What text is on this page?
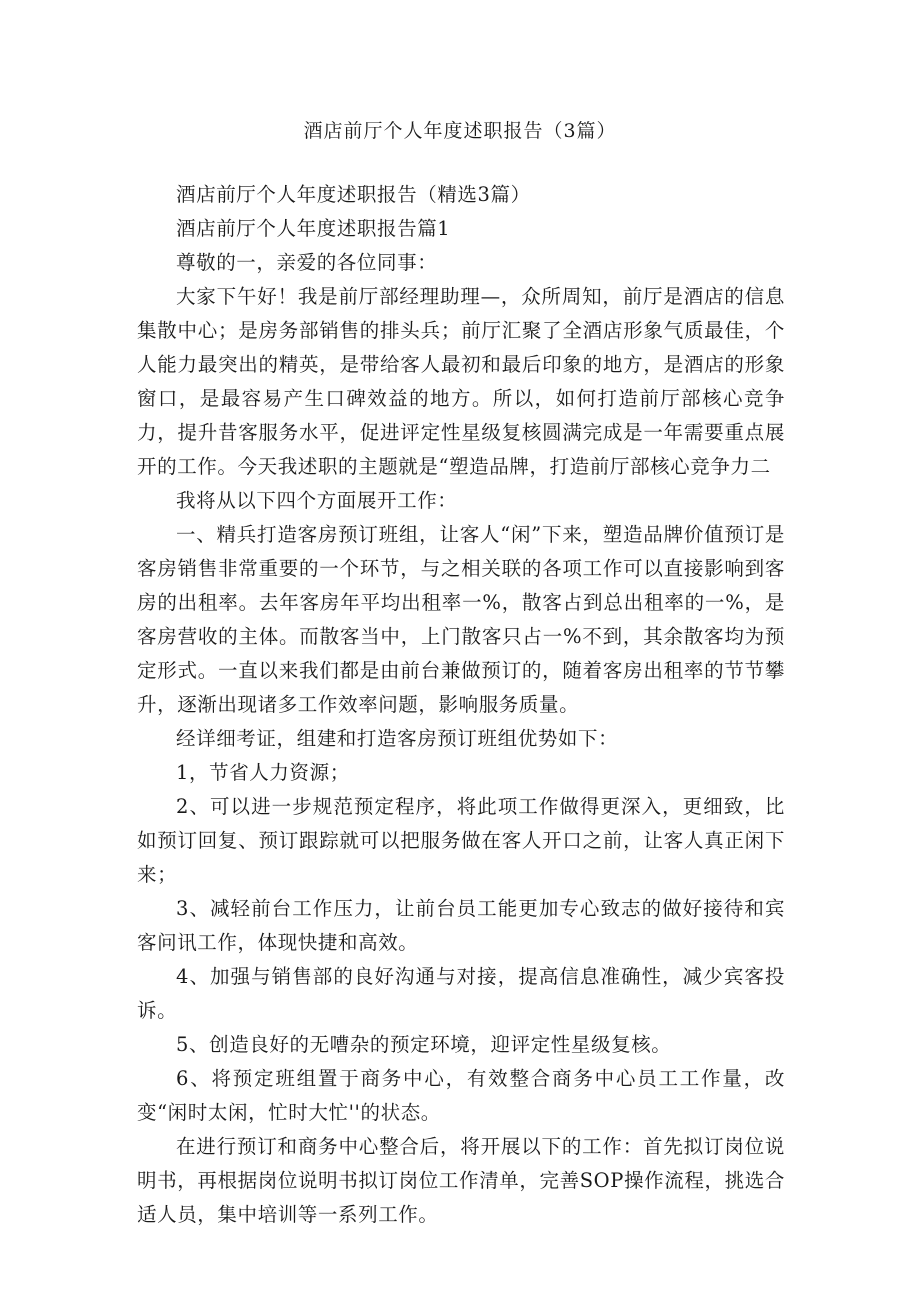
酒店前厅个人年度述职报告（3篇）

酒店前厅个人年度述职报告（精选3篇）

酒店前厅个人年度述职报告篇1

尊敬的一，亲爱的各位同事：

大家下午好！我是前厅部经理助理—，众所周知，前厅是酒店的信息集散中心；是房务部销售的排头兵；前厅汇聚了全酒店形象气质最佳，个人能力最突出的精英，是带给客人最初和最后印象的地方，是酒店的形象窗口，是最容易产生口碑效益的地方。所以，如何打造前厅部核心竞争力，提升昔客服务水平，促进评定性星级复核圆满完成是一年需要重点展开的工作。今天我述职的主题就是“塑造品牌，打造前厅部核心竞争力二

我将从以下四个方面展开工作：

一、精兵打造客房预订班组，让客人“闲”下来，塑造品牌价值预订是客房销售非常重要的一个环节，与之相关联的各项工作可以直接影响到客房的出租率。去年客房年平均出租率一%，散客占到总出租率的一%，是客房营收的主体。而散客当中，上门散客只占一%不到，其余散客均为预定形式。一直以来我们都是由前台兼做预订的，随着客房出租率的节节攀升，逐渐出现诸多工作效率问题，影响服务质量。

经详细考证，组建和打造客房预订班组优势如下：

1，节省人力资源；

2、可以进一步规范预定程序，将此项工作做得更深入，更细致，比如预订回复、预订跟踪就可以把服务做在客人开口之前，让客人真正闲下来；

3、减轻前台工作压力，让前台员工能更加专心致志的做好接待和宾客问讯工作，体现快捷和高效。

4、加强与销售部的良好沟通与对接，提高信息准确性，减少宾客投诉。

5、创造良好的无嘈杂的预定环境，迎评定性星级复核。

6、将预定班组置于商务中心，有效整合商务中心员工工作量，改变“闲时太闲，忙时大忙''的状态。

在进行预订和商务中心整合后，将开展以下的工作：首先拟订岗位说明书，再根据岗位说明书拟订岗位工作清单，完善SOP操作流程，挑选合适人员，集中培训等一系列工作。
